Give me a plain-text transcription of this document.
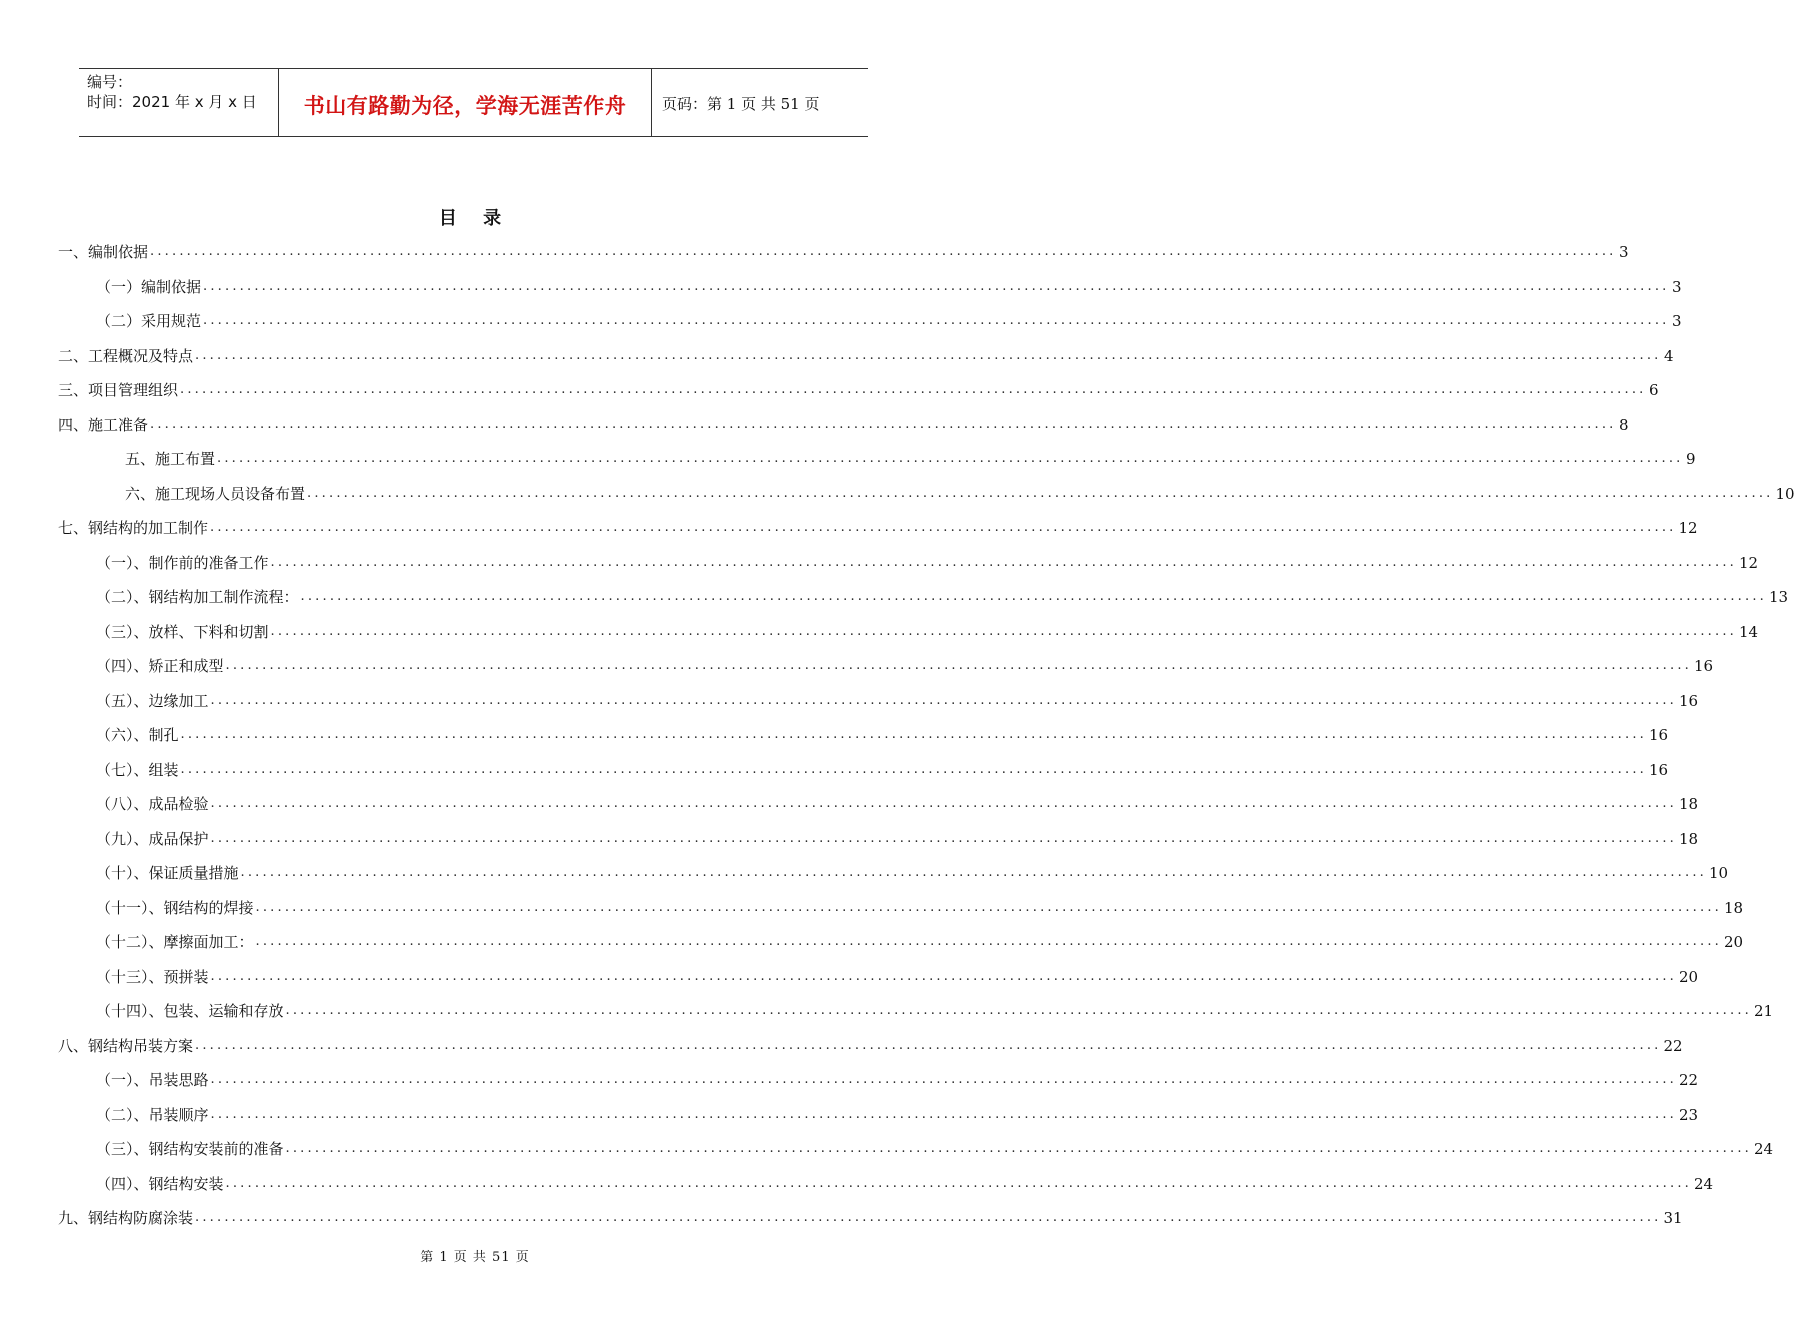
编号：
时间：2021 年 x 月 x 日	书山有路勤为径，学海无涯苦作舟	页码：第 1 页 共 51 页
目 录
一、编制依据 ........................................................................................................................................................................................................ 3
（一）编制依据 ........................................................................................................................................................................................................ 3
（二）采用规范 ........................................................................................................................................................................................................ 3
二、工程概况及特点 ........................................................................................................................................................................................................ 4
三、项目管理组织 ........................................................................................................................................................................................................ 6
四、施工准备 ........................................................................................................................................................................................................ 8
五、施工布置 ........................................................................................................................................................................................................ 9
六、施工现场人员设备布置 ........................................................................................................................................................................................................ 10
七、钢结构的加工制作 ........................................................................................................................................................................................................ 12
（一）、制作前的准备工作 ........................................................................................................................................................................................................ 12
（二）、钢结构加工制作流程： ........................................................................................................................................................................................................ 13
（三）、放样、下料和切割 ........................................................................................................................................................................................................ 14
（四）、矫正和成型 ........................................................................................................................................................................................................ 16
（五）、边缘加工 ........................................................................................................................................................................................................ 16
（六）、制孔 ........................................................................................................................................................................................................ 16
（七）、组装 ........................................................................................................................................................................................................ 16
（八）、成品检验 ........................................................................................................................................................................................................ 18
（九）、成品保护 ........................................................................................................................................................................................................ 18
（十）、保证质量措施 ........................................................................................................................................................................................................ 10
（十一）、钢结构的焊接 ........................................................................................................................................................................................................ 18
（十二）、摩擦面加工： ........................................................................................................................................................................................................ 20
（十三）、预拼装 ........................................................................................................................................................................................................ 20
（十四）、包装、运输和存放 ........................................................................................................................................................................................................ 21
八、钢结构吊装方案 ........................................................................................................................................................................................................ 22
（一）、吊装思路 ........................................................................................................................................................................................................ 22
（二）、吊装顺序 ........................................................................................................................................................................................................ 23
（三）、钢结构安装前的准备 ........................................................................................................................................................................................................ 24
（四）、钢结构安装 ........................................................................................................................................................................................................ 24
九、钢结构防腐涂装 ........................................................................................................................................................................................................ 31
第 1 页 共 51 页
